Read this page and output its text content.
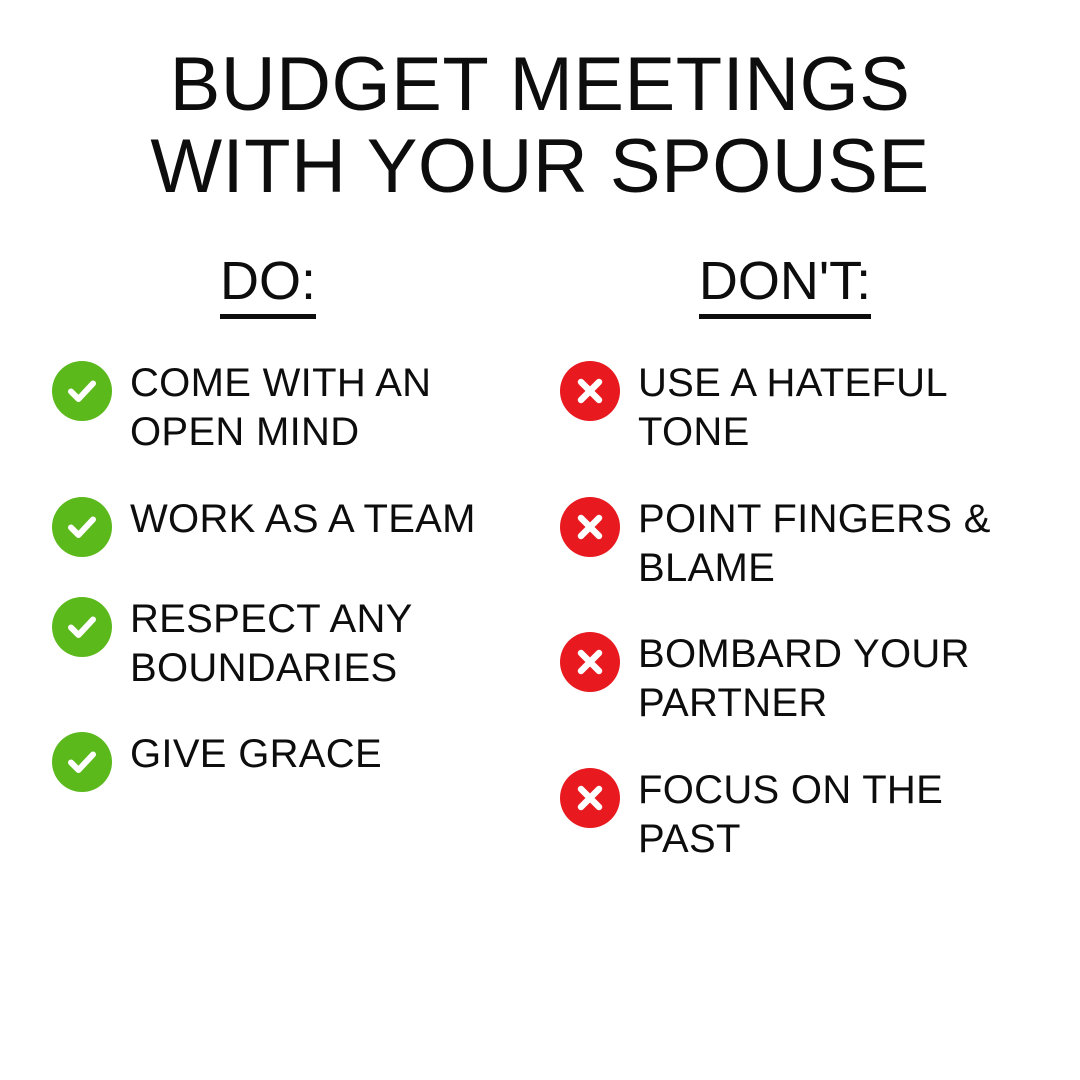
BUDGET MEETINGS
WITH YOUR SPOUSE
DO:
COME WITH AN OPEN MIND
WORK AS A TEAM
RESPECT ANY BOUNDARIES
GIVE GRACE
DON'T:
USE A HATEFUL TONE
POINT FINGERS & BLAME
BOMBARD YOUR PARTNER
FOCUS ON THE PAST
